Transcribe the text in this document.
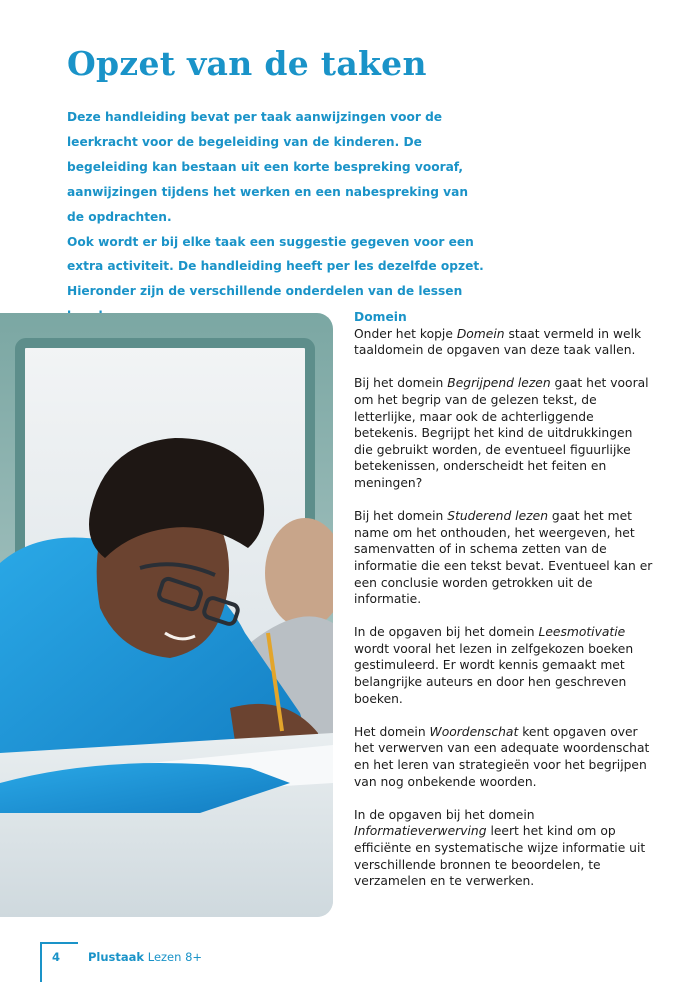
Opzet van de taken

Deze handleiding bevat per taak aanwijzingen voor de leerkracht voor de begeleiding van de kinderen. De begeleiding kan bestaan uit een korte bespreking vooraf, aanwijzingen tijdens het werken en een nabespreking van de opdrachten.

Ook wordt er bij elke taak een suggestie gegeven voor een extra activiteit. De handleiding heeft per les dezelfde opzet. Hieronder zijn de verschillende onderdelen van de lessen

Domein

Onder het kopje Domein staat vermeld in welk taaldomein de opgaven van deze taak vallen.

Bij het domein Begrijpend lezen gaat het vooral om het begrip van de gelezen tekst, de letterlijke, maar ook de achterliggende betekenis. Begrijpt het kind de uitdrukkingen die gebruikt worden, de eventueel figuurlijke betekenissen, onderscheidt het feiten en meningen?

Bij het domein Studerend lezen gaat het met name om het onthouden, het weergeven, het samenvatten of in schema zetten van de informatie die een tekst bevat. Eventueel kan er een conclusie worden getrokken uit de informatie.

In de opgaven bij het domein Leesmotivatie wordt vooral het lezen in zelfgekozen boeken gestimuleerd. Er wordt kennis gemaakt met belangrijke auteurs en door hen geschreven boeken.

Het domein Woordenschat kent opgaven over het verwerven van een adequate woordenschat en het leren van strategieën voor het begrijpen van nog onbekende woorden.

In de opgaven bij het domein Informatieverwerving leert het kind om op efficiënte en systematische wijze informatie uit verschillende bronnen te beoordelen, te verzamelen en te verwerken.

4 Plustaak Lezen 8+
